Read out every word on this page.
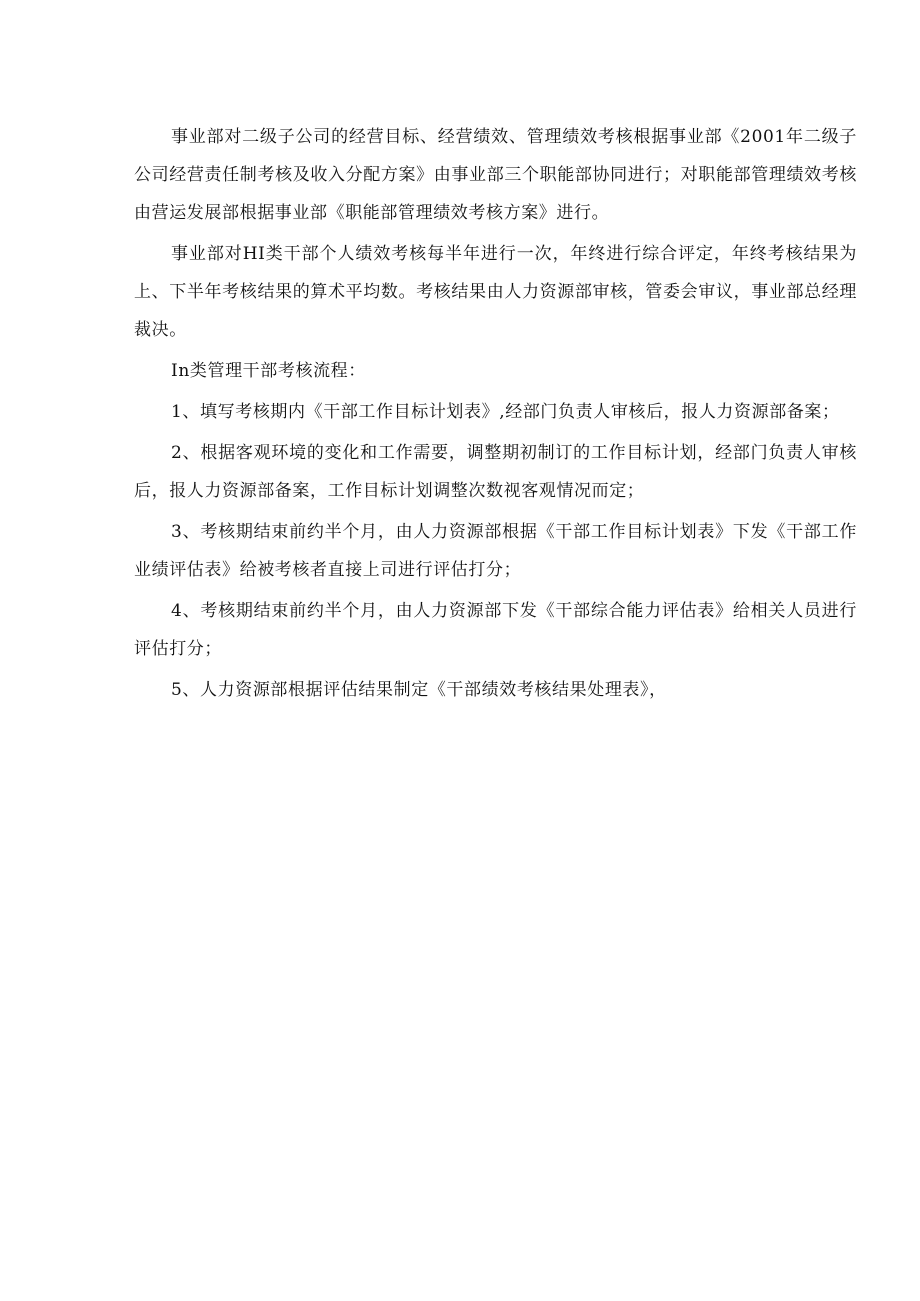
事业部对二级子公司的经营目标、经营绩效、管理绩效考核根据事业部《2001年二级子公司经营责任制考核及收入分配方案》由事业部三个职能部协同进行；对职能部管理绩效考核由营运发展部根据事业部《职能部管理绩效考核方案》进行。

事业部对HI类干部个人绩效考核每半年进行一次，年终进行综合评定，年终考核结果为上、下半年考核结果的算术平均数。考核结果由人力资源部审核，管委会审议，事业部总经理裁决。

In类管理干部考核流程：

1、填写考核期内《干部工作目标计划表》,经部门负责人审核后，报人力资源部备案；

2、根据客观环境的变化和工作需要，调整期初制订的工作目标计划，经部门负责人审核后，报人力资源部备案，工作目标计划调整次数视客观情况而定；

3、考核期结束前约半个月，由人力资源部根据《干部工作目标计划表》下发《干部工作业绩评估表》给被考核者直接上司进行评估打分；

4、考核期结束前约半个月，由人力资源部下发《干部综合能力评估表》给相关人员进行评估打分；

5、人力资源部根据评估结果制定《干部绩效考核结果处理表》，
